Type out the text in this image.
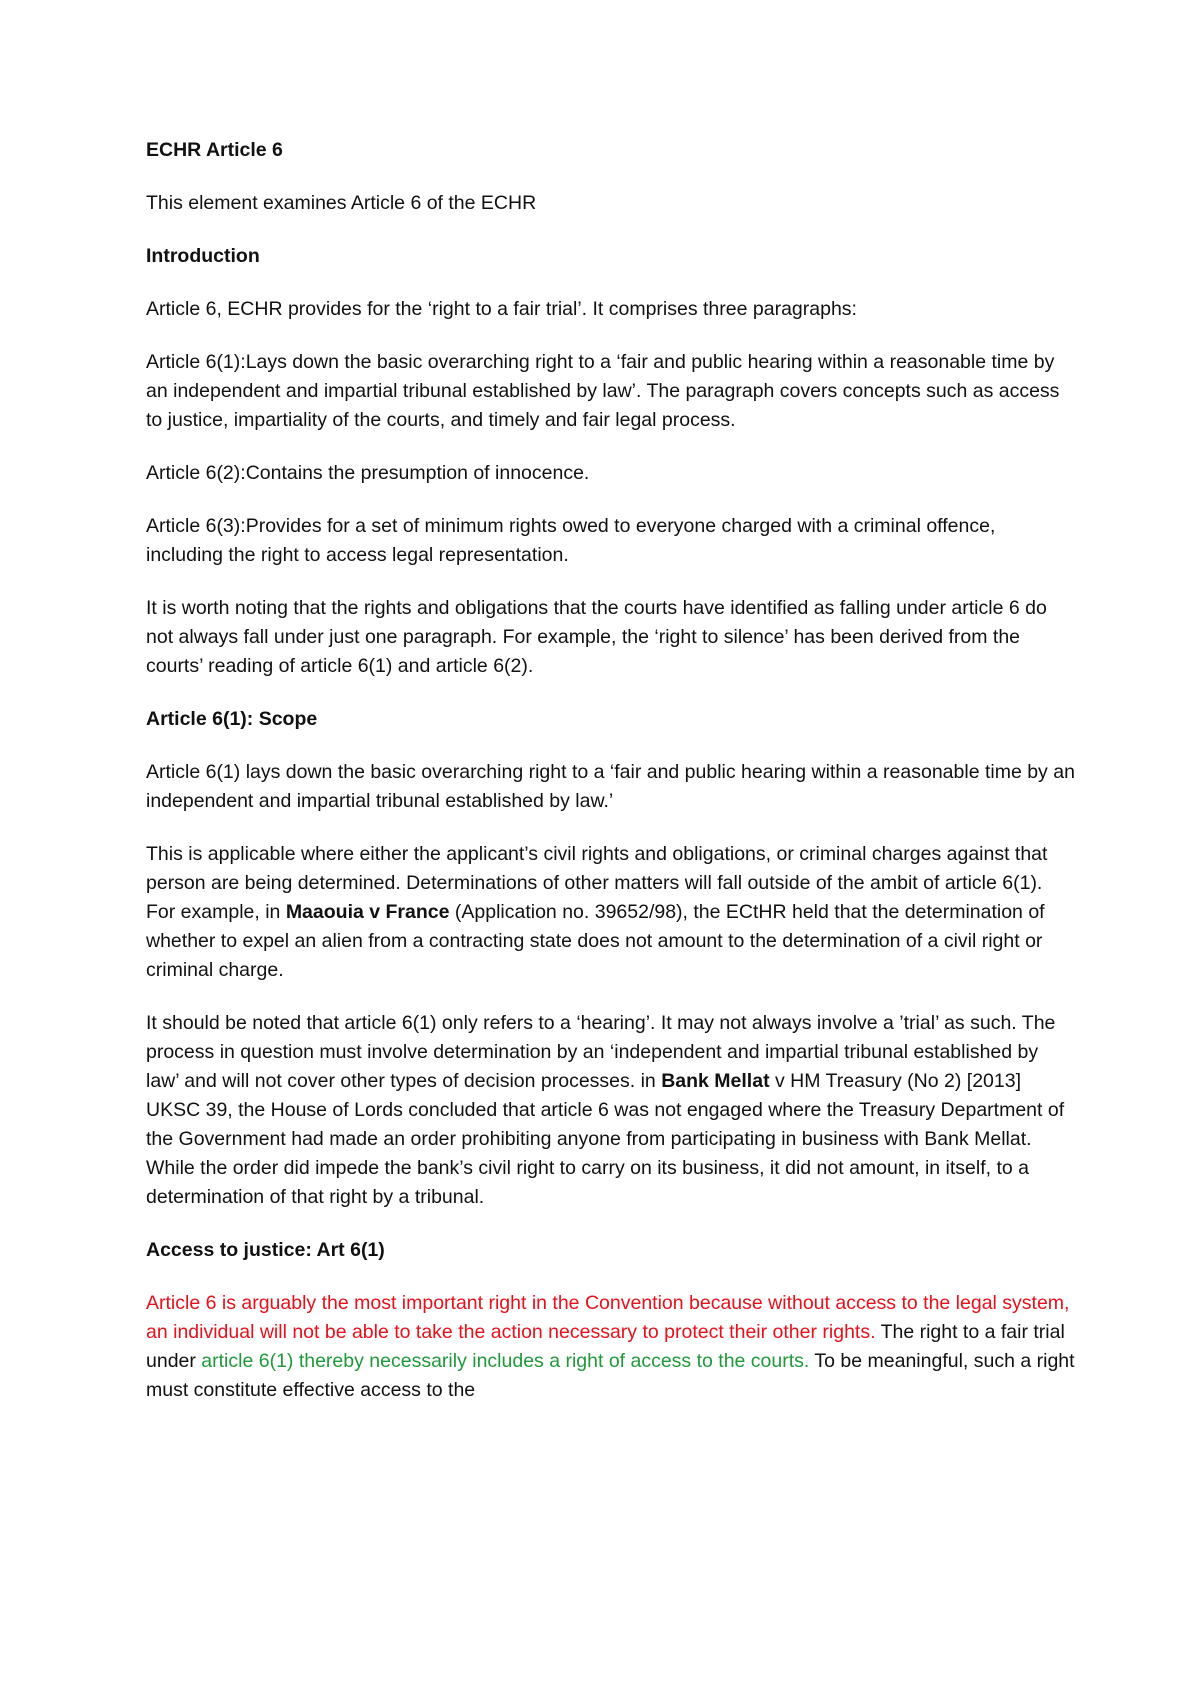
ECHR Article 6

This element examines Article 6 of the ECHR

Introduction

Article 6, ECHR provides for the ‘right to a fair trial’. It comprises three paragraphs:

Article 6(1):Lays down the basic overarching right to a ‘fair and public hearing within a reasonable time by an independent and impartial tribunal established by law’. The paragraph covers concepts such as access to justice, impartiality of the courts, and timely and fair legal process.

Article 6(2):Contains the presumption of innocence.

Article 6(3):Provides for a set of minimum rights owed to everyone charged with a criminal offence, including the right to access legal representation.

It is worth noting that the rights and obligations that the courts have identified as falling under article 6 do not always fall under just one paragraph. For example, the ‘right to silence’ has been derived from the courts’ reading of article 6(1) and article 6(2).

Article 6(1): Scope

Article 6(1) lays down the basic overarching right to a ‘fair and public hearing within a reasonable time by an independent and impartial tribunal established by law.’

This is applicable where either the applicant’s civil rights and obligations, or criminal charges against that person are being determined. Determinations of other matters will fall outside of the ambit of article 6(1). For example, in Maaouia v France (Application no. 39652/98), the ECtHR held that the determination of whether to expel an alien from a contracting state does not amount to the determination of a civil right or criminal charge.

It should be noted that article 6(1) only refers to a ‘hearing’. It may not always involve a ’trial’ as such. The process in question must involve determination by an ‘independent and impartial tribunal established by law’ and will not cover other types of decision processes. in Bank Mellat v HM Treasury (No 2) [2013] UKSC 39, the House of Lords concluded that article 6 was not engaged where the Treasury Department of the Government had made an order prohibiting anyone from participating in business with Bank Mellat. While the order did impede the bank’s civil right to carry on its business, it did not amount, in itself, to a determination of that right by a tribunal.

Access to justice: Art 6(1)

Article 6 is arguably the most important right in the Convention because without access to the legal system, an individual will not be able to take the action necessary to protect their other rights. The right to a fair trial under article 6(1) thereby necessarily includes a right of access to the courts. To be meaningful, such a right must constitute effective access to the
